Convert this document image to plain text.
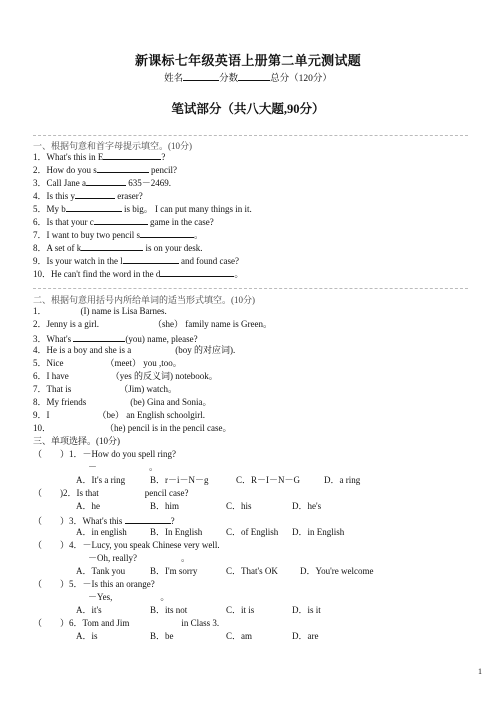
新课标七年级英语上册第二单元测试题
姓名	分数	总分（120分）
笔试部分（共八大题,90分）
一、根据句意和首字母提示填空。(10分)
1．What's this in E	?
2．How do you s	pencil?
3．Call Jane a	635－2469.
4．Is this y	eraser?
5．My b	is big。 I can put many things in it.
6．Is that your c	game in the case?
7．I want to buy two pencil s	。
8．A set of k	is on your desk.
9．Is your watch in the l	and found case?
10．He can't find the word in the d	。
二、根据句意用括号内所给单词的适当形式填空。(10分)
1．	(I) name is Lisa Barnes.
2．Jenny is a girl.	（she） family name is Green。
3．What's	(you) name, please?
4．He is a boy and she is a	(boy 的对应词).
5．Nice	（meet） you ,too。
6．I have	（yes 的反义词) notebook。
7．That is	（Jim) watch。
8．My friends	(be) Gina and Sonia。
9．I	（be） an English schoolgirl.
10．	（he) pencil is in the pencil case。
三、单项选择。(10分)
（　　）1．－How do you spell ring?
－	。
A．It's a ring	B．r－i－N－g	C．R－I－N－G	D．a ring
（　　)2．Is that	pencil case?
A．he	B．him	C．his	D．he's
（　　）3．What's this	?
A．in english	B．In English	C．of English D．in English
（　　）4．－Lucy, you speak Chinese very well.
－Oh, really?	。
A．Tank you	B．I'm sorry	C．That's OK D．You're welcome
（　　）5．－Is this an orange?
－Yes,	。
A．it's	B．its not	C．it is	D．is it
（　　）6．Tom and Jim	in Class 3.
A．is	B．be	C．am	D．are
1
